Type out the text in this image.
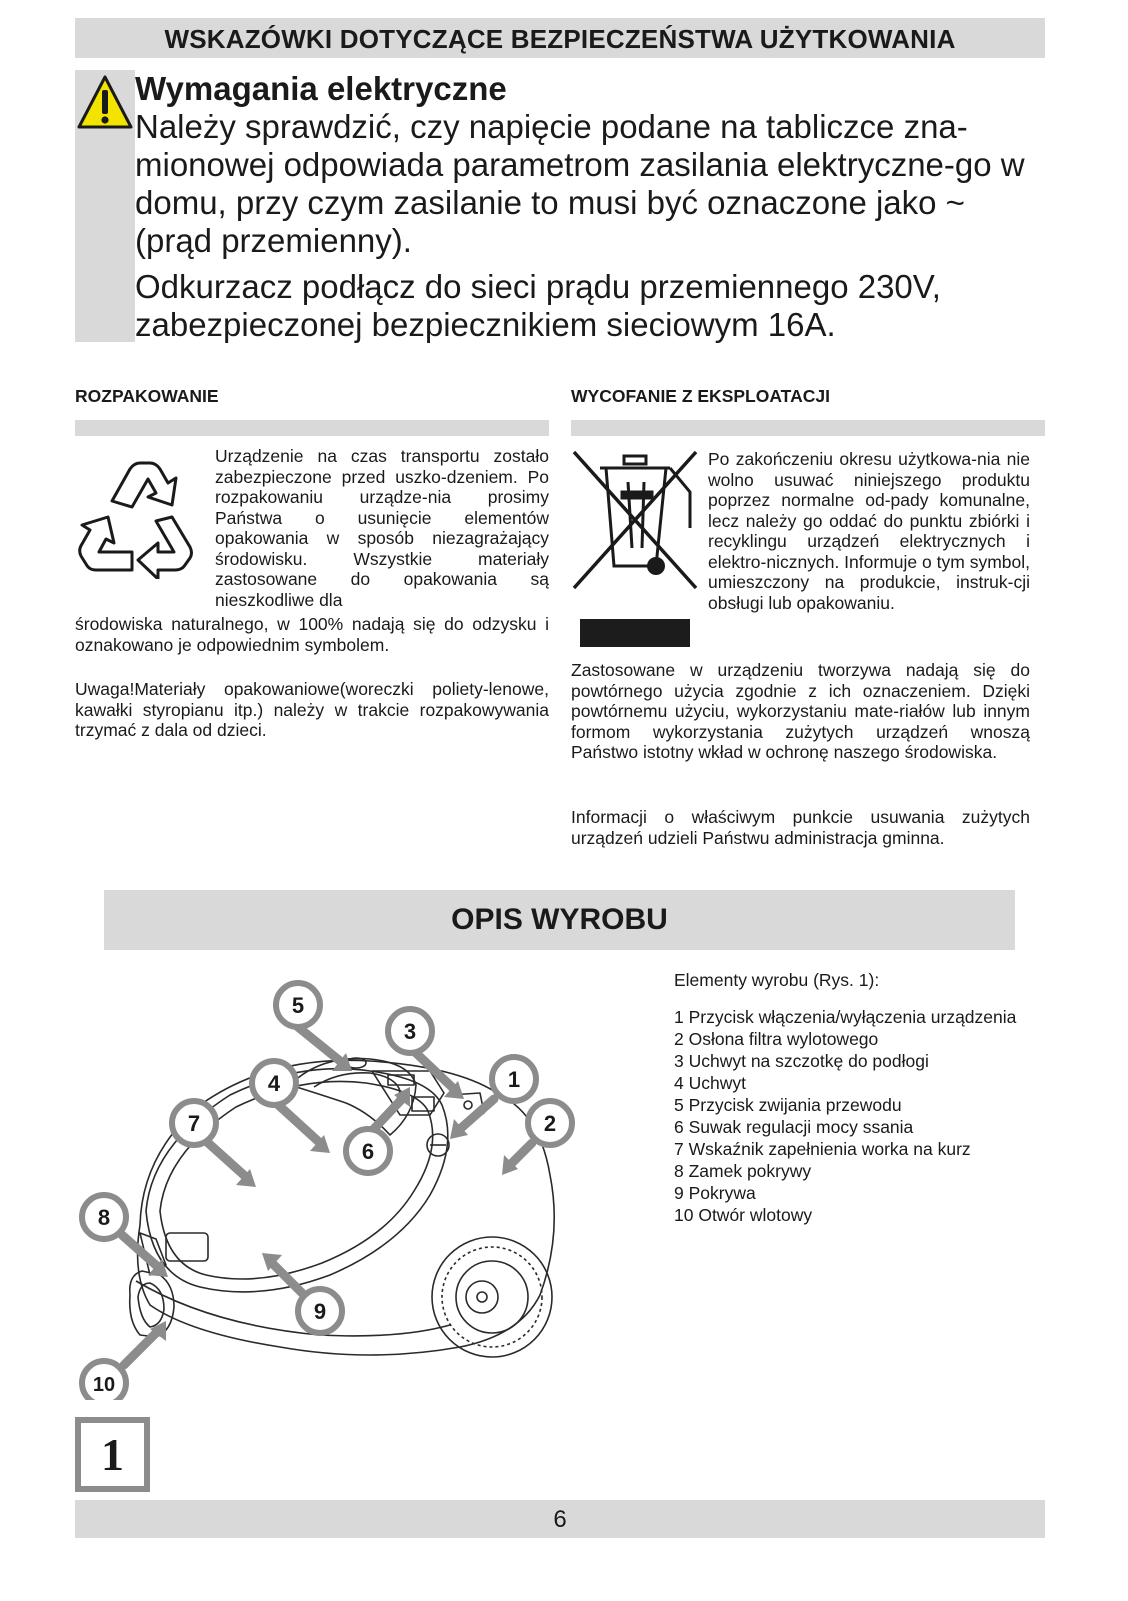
WSKAZÓWKI DOTYCZĄCE BEZPIECZEŃSTWA UŻYTKOWANIA

Wymagania elektryczne

Należy sprawdzić, czy napięcie podane na tabliczce zna-mionowej odpowiada parametrom zasilania elektryczne-go w domu, przy czym zasilanie to musi być oznaczone jako ~ (prąd przemienny).

Odkurzacz podłącz do sieci prądu przemiennego 230V, zabezpieczonej bezpiecznikiem sieciowym 16A.

ROZPAKOWANIE

Urządzenie na czas transportu zostało zabezpieczone przed uszko-dzeniem. Po rozpakowaniu urządze-nia prosimy Państwa o usunięcie elementów opakowania w sposób niezagrażający środowisku. Wszystkie materiały zastosowane do opakowania są nieszkodliwe dla

środowiska naturalnego, w 100% nadają się do odzysku i oznakowano je odpowiednim symbolem.

Uwaga!Materiały opakowaniowe(woreczki poliety-lenowe, kawałki styropianu itp.) należy w trakcie rozpakowywania trzymać z dala od dzieci.

WYCOFANIE Z EKSPLOATACJI

Po zakończeniu okresu użytkowa-nia nie wolno usuwać niniejszego produktu poprzez normalne od-pady komunalne, lecz należy go oddać do punktu zbiórki i recyklingu urządzeń elektrycznych i elektro-nicznych. Informuje o tym symbol, umieszczony na produkcie, instruk-cji obsługi lub opakowaniu.

Zastosowane w urządzeniu tworzywa nadają się do powtórnego użycia zgodnie z ich oznaczeniem. Dzięki powtórnemu użyciu, wykorzystaniu mate-riałów lub innym formom wykorzystania zużytych urządzeń wnoszą Państwo istotny wkład w ochronę naszego środowiska.

Informacji o właściwym punkcie usuwania zużytych urządzeń udzieli Państwu administracja gminna.

OPIS WYROBU
5
3
4	1
7	2
6
8
9
10
1

Elementy wyrobu (Rys. 1):

1 Przycisk włączenia/wyłączenia urządzenia
2 Osłona filtra wylotowego
3 Uchwyt na szczotkę do podłogi
4 Uchwyt
5 Przycisk zwijania przewodu
6 Suwak regulacji mocy ssania
7 Wskaźnik zapełnienia worka na kurz
8 Zamek pokrywy
9 Pokrywa
10 Otwór wlotowy
6
